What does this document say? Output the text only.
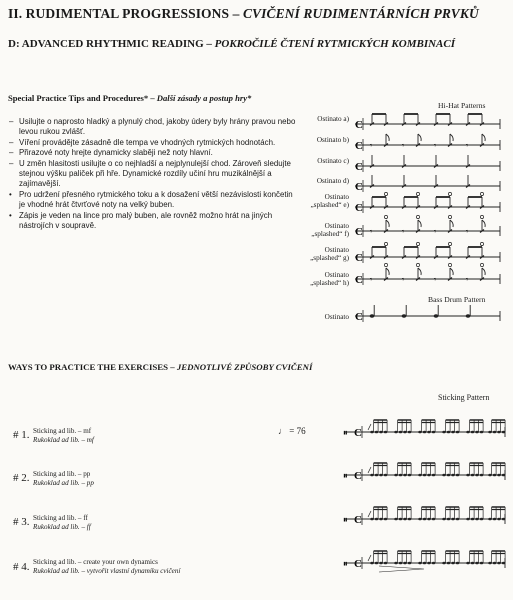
II. RUDIMENTAL PROGRESSIONS – CVIČENÍ RUDIMENTÁRNÍCH PRVKŮ
D: ADVANCED RHYTHMIC READING – POKROČILÉ ČTENÍ RYTMICKÝCH KOMBINACÍ
Special Practice Tips and Procedures* – Další zásady a postup hry*
– Usilujte o naprosto hladký a plynulý chod, jakoby údery byly hrány pravou nebo levou rukou zvlášť.
– Víření provádějte zásadně dle tempa ve vhodných rytmických hodnotách.
– Přirazové noty hrejte dynamicky slaběji než noty hlavní.
– U změn hlasitosti usilujte o co nejhladší a nejplynulejší chod. Zároveň sledujte stejnou výšku paliček při hře. Dynamické rozdíly učiní hru muzikálnější a zajímavější.
• Pro udržení přesného rytmického toku a k dosažení větší nezávislosti končetin je vhodné hrát čtvrťové noty na velký buben.
• Zápis je veden na lince pro malý buben, ale rovněž možno hrát na jiných nástrojích v soupravě.
Hi-Hat Patterns
Bass Drum Pattern
Ostinato a)
Ostinato b)
Ostinato c)
Ostinato d)
Ostinato „splashed“ e)
Ostinato „splashed“ f)
Ostinato „splashed“ g)
Ostinato „splashed“ h)
Ostinato
WAYS TO PRACTICE THE EXERCISES – JEDNOTLIVÉ ZPŮSOBY CVIČENÍ
Sticking Pattern
♩ = 76
# 1. Sticking ad lib. – mf
Rukoklad ad lib. – mf
# 2. Sticking ad lib. – pp
Rukoklad ad lib. – pp
# 3. Sticking ad lib. – ff
Rukoklad ad lib. – ff
# 4. Sticking ad lib. – create your own dynamics
Rukoklad ad lib. – vytvořit vlastní dynamiku cvičení
C
C 𝄾	𝄾	𝄾	𝄾
C
C
C
C 𝄾	𝄾	𝄾	𝄾
C
C 𝄾	𝄾	𝄾	𝄾
C
𝄥 C
𝄥 C
𝄥 C
𝄥 C
